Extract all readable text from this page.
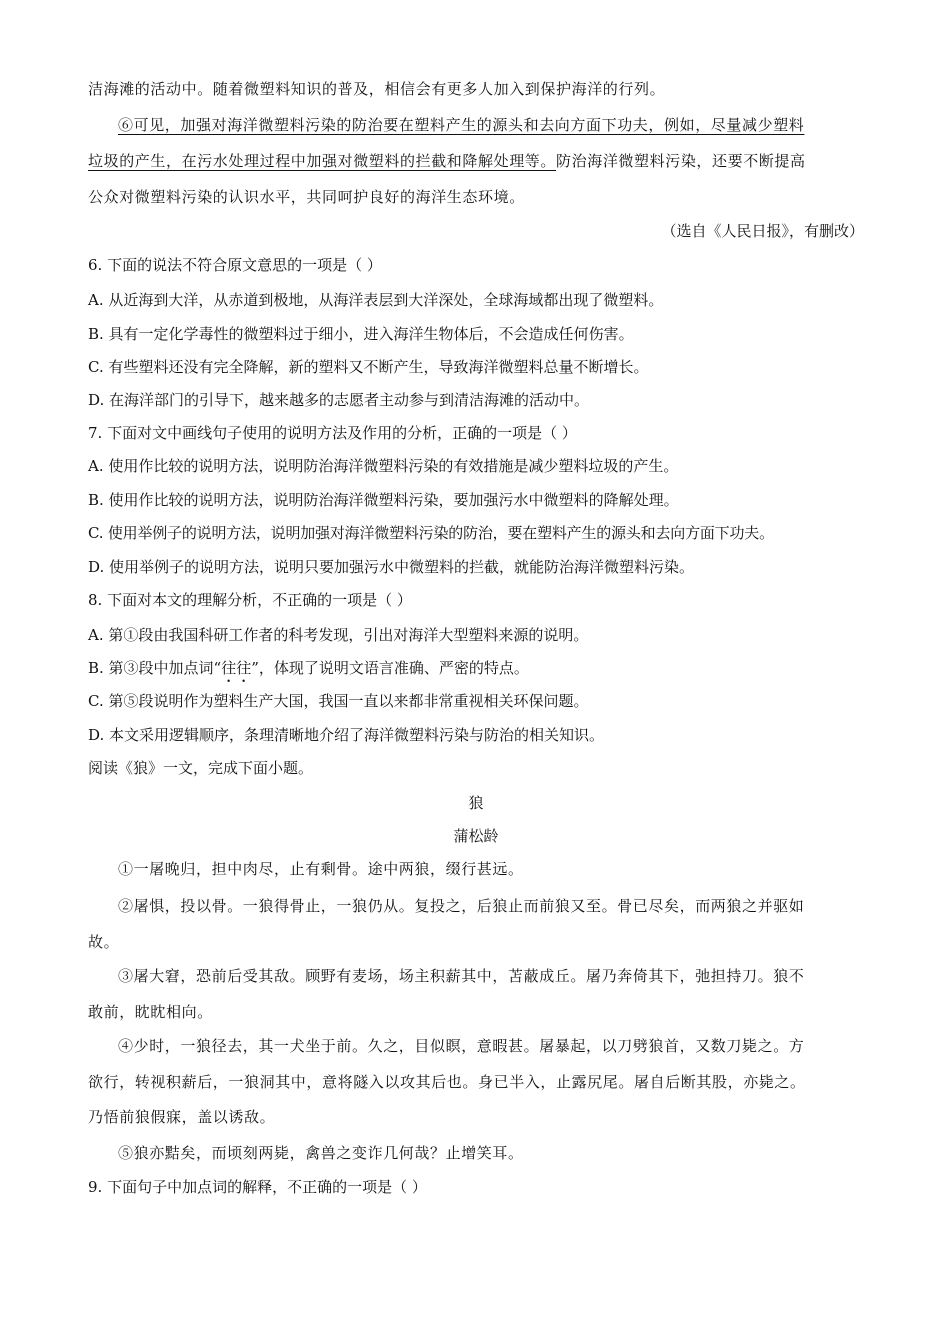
洁海滩的活动中。随着微塑料知识的普及，相信会有更多人加入到保护海洋的行列。
⑥可见，加强对海洋微塑料污染的防治要在塑料产生的源头和去向方面下功夫，例如，尽量减少塑料
垃圾的产生，在污水处理过程中加强对微塑料的拦截和降解处理等。防治海洋微塑料污染，还要不断提高
公众对微塑料污染的认识水平，共同呵护良好的海洋生态环境。
（选自《人民日报》，有删改）
6. 下面的说法不符合原文意思的一项是（ ）
A. 从近海到大洋，从赤道到极地，从海洋表层到大洋深处，全球海域都出现了微塑料。
B. 具有一定化学毒性的微塑料过于细小，进入海洋生物体后，不会造成任何伤害。
C. 有些塑料还没有完全降解，新的塑料又不断产生，导致海洋微塑料总量不断增长。
D. 在海洋部门的引导下，越来越多的志愿者主动参与到清洁海滩的活动中。
7. 下面对文中画线句子使用的说明方法及作用的分析，正确的一项是（ ）
A. 使用作比较的说明方法，说明防治海洋微塑料污染的有效措施是减少塑料垃圾的产生。
B. 使用作比较的说明方法，说明防治海洋微塑料污染，要加强污水中微塑料的降解处理。
C. 使用举例子的说明方法，说明加强对海洋微塑料污染的防治，要在塑料产生的源头和去向方面下功夫。
D. 使用举例子的说明方法，说明只要加强污水中微塑料的拦截，就能防治海洋微塑料污染。
8. 下面对本文的理解分析，不正确的一项是（ ）
A. 第①段由我国科研工作者的科考发现，引出对海洋大型塑料来源的说明。
B. 第③段中加点词“往往”，体现了说明文语言准确、严密的特点。
C. 第⑤段说明作为塑料生产大国，我国一直以来都非常重视相关环保问题。
D. 本文采用逻辑顺序，条理清晰地介绍了海洋微塑料污染与防治的相关知识。
阅读《狼》一文，完成下面小题。
狼
蒲松龄
①一屠晚归，担中肉尽，止有剩骨。途中两狼，缀行甚远。
②屠惧，投以骨。一狼得骨止，一狼仍从。复投之，后狼止而前狼又至。骨已尽矣，而两狼之并驱如
故。
③屠大窘，恐前后受其敌。顾野有麦场，场主积薪其中，苫蔽成丘。屠乃奔倚其下，弛担持刀。狼不
敢前，眈眈相向。
④少时，一狼径去，其一犬坐于前。久之，目似瞑，意暇甚。屠暴起，以刀劈狼首，又数刀毙之。方
欲行，转视积薪后，一狼洞其中，意将隧入以攻其后也。身已半入，止露尻尾。屠自后断其股，亦毙之。
乃悟前狼假寐，盖以诱敌。
⑤狼亦黠矣，而顷刻两毙，禽兽之变诈几何哉？止增笑耳。
9. 下面句子中加点词的解释，不正确的一项是（ ）
